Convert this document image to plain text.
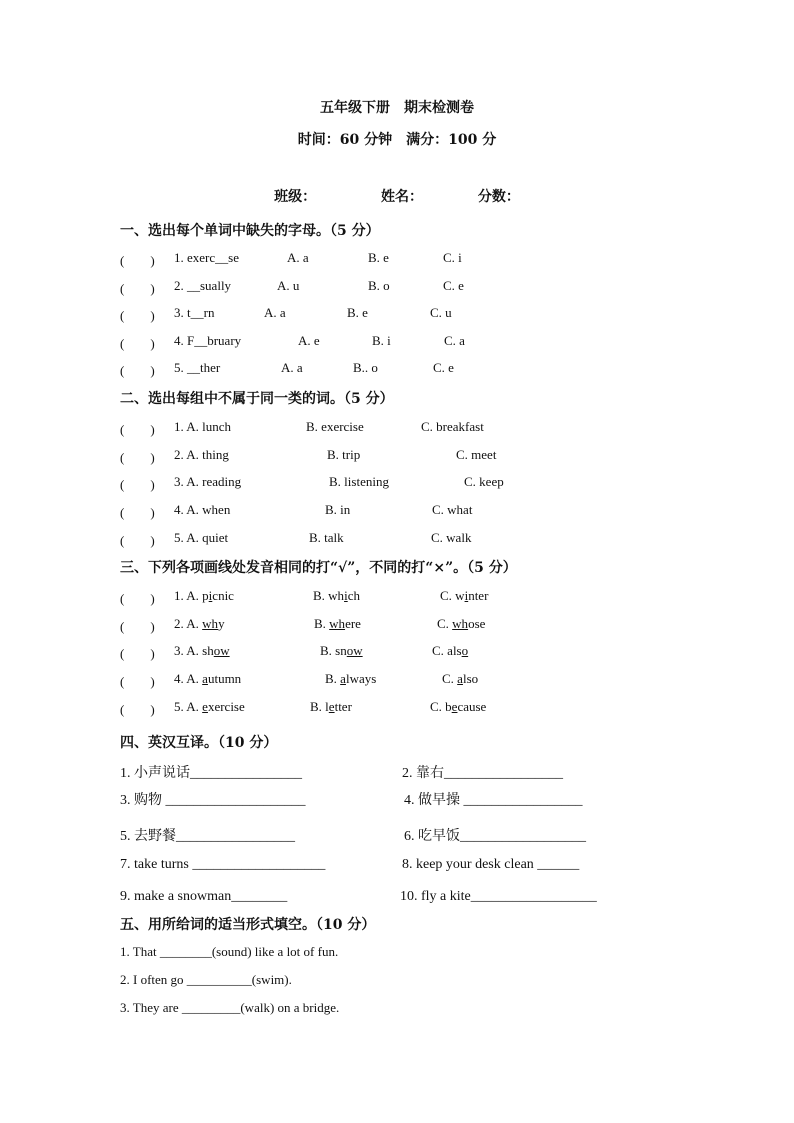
五年级下册　期末检测卷
时间：60 分钟　满分：100 分
班级：	姓名：	分数：
一、选出每个单词中缺失的字母。（5 分）
(　　) 1. exerc__se	A. a	B. e	C. i
(　　) 2. __sually	A. u	B. o	C. e
(　　) 3. t__rn	A. a	B. e	C. u
(　　) 4. F__bruary	A. e	B. i	C. a
(　　) 5. __ther	A. a	B.. o	C. e
二、选出每组中不属于同一类的词。（5 分）
(　　) 1. A. lunch	B. exercise	C. breakfast
(　　) 2. A. thing	B. trip	C. meet
(　　) 3. A. reading	B. listening	C. keep
(　　) 4. A. when	B. in	C. what
(　　) 5. A. quiet	B. talk	C. walk
三、下列各项画线处发音相同的打“√”，不同的打“×”。（5 分）
(　　) 1. A. picnic	B. which	C. winter
(　　) 2. A. why	B. where	C. whose
(　　) 3. A. show	B. snow	C. also
(　　) 4. A. autumn	B. always	C. also
(　　) 5. A. exercise	B. letter	C. because
四、英汉互译。（10 分）
1. 小声说话________________	2. 靠右_________________
3. 购物 ____________________	4. 做早操 _________________
5. 去野餐_________________	6. 吃早饭__________________
7. take turns ___________________	8. keep your desk clean ______
9. make a snowman________	10. fly a kite__________________
五、用所给词的适当形式填空。（10 分）
1. That ________(sound) like a lot of fun.
2. I often go __________(swim).
3. They are _________(walk) on a bridge.
